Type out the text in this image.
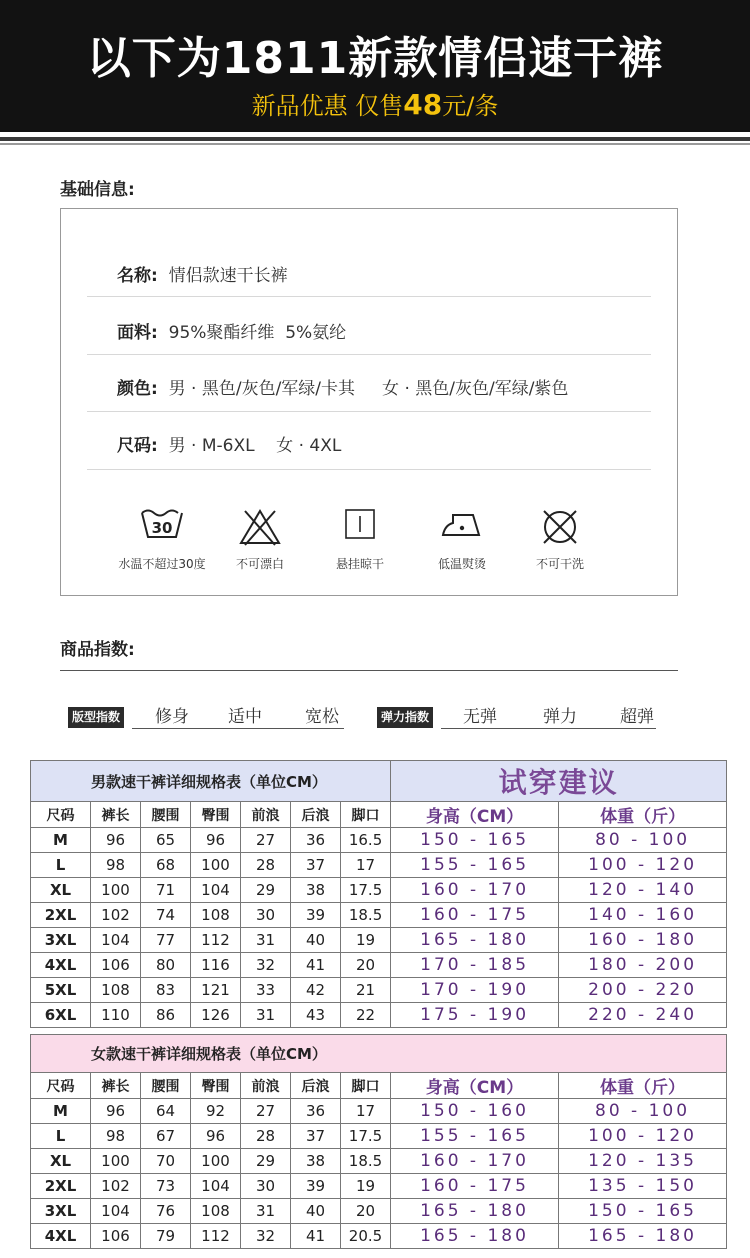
以下为1811新款情侣速干裤
新品优惠 仅售48元/条
基础信息:
名称: 情侣款速干长裤
面料: 95%聚酯纤维  5%氨纶
颜色: 男 · 黑色/灰色/军绿/卡其     女 · 黑色/灰色/军绿/紫色
尺码: 男 · M-6XL    女 · 4XL
30
水温不超过30度	不可漂白	悬挂晾干	低温熨烫	不可干洗
商品指数:
版型指数 修身 适中	宽松	弹力指数 无弹	弹力	超弹
男款速干裤详细规格表（单位CM）							试穿建议	
尺码	裤长	腰围	臀围	前浪	后浪	脚口	身高（CM）	体重（斤）
M	96	65	96	27	36	16.5	150 - 165	80 - 100
L	98	68	100	28	37	17	155 - 165	100 - 120
XL	100	71	104	29	38	17.5	160 - 170	120 - 140
2XL	102	74	108	30	39	18.5	160 - 175	140 - 160
3XL	104	77	112	31	40	19	165 - 180	160 - 180
4XL	106	80	116	32	41	20	170 - 185	180 - 200
5XL	108	83	121	33	42	21	170 - 190	200 - 220
6XL	110	86	126	31	43	22	175 - 190	220 - 240
女款速干裤详细规格表（单位CM）								
尺码	裤长	腰围	臀围	前浪	后浪	脚口	身高（CM）	体重（斤）
M	96	64	92	27	36	17	150 - 160	80 - 100
L	98	67	96	28	37	17.5	155 - 165	100 - 120
XL	100	70	100	29	38	18.5	160 - 170	120 - 135
2XL	102	73	104	30	39	19	160 - 175	135 - 150
3XL	104	76	108	31	40	20	165 - 180	150 - 165
4XL	106	79	112	32	41	20.5	165 - 180	165 - 180
